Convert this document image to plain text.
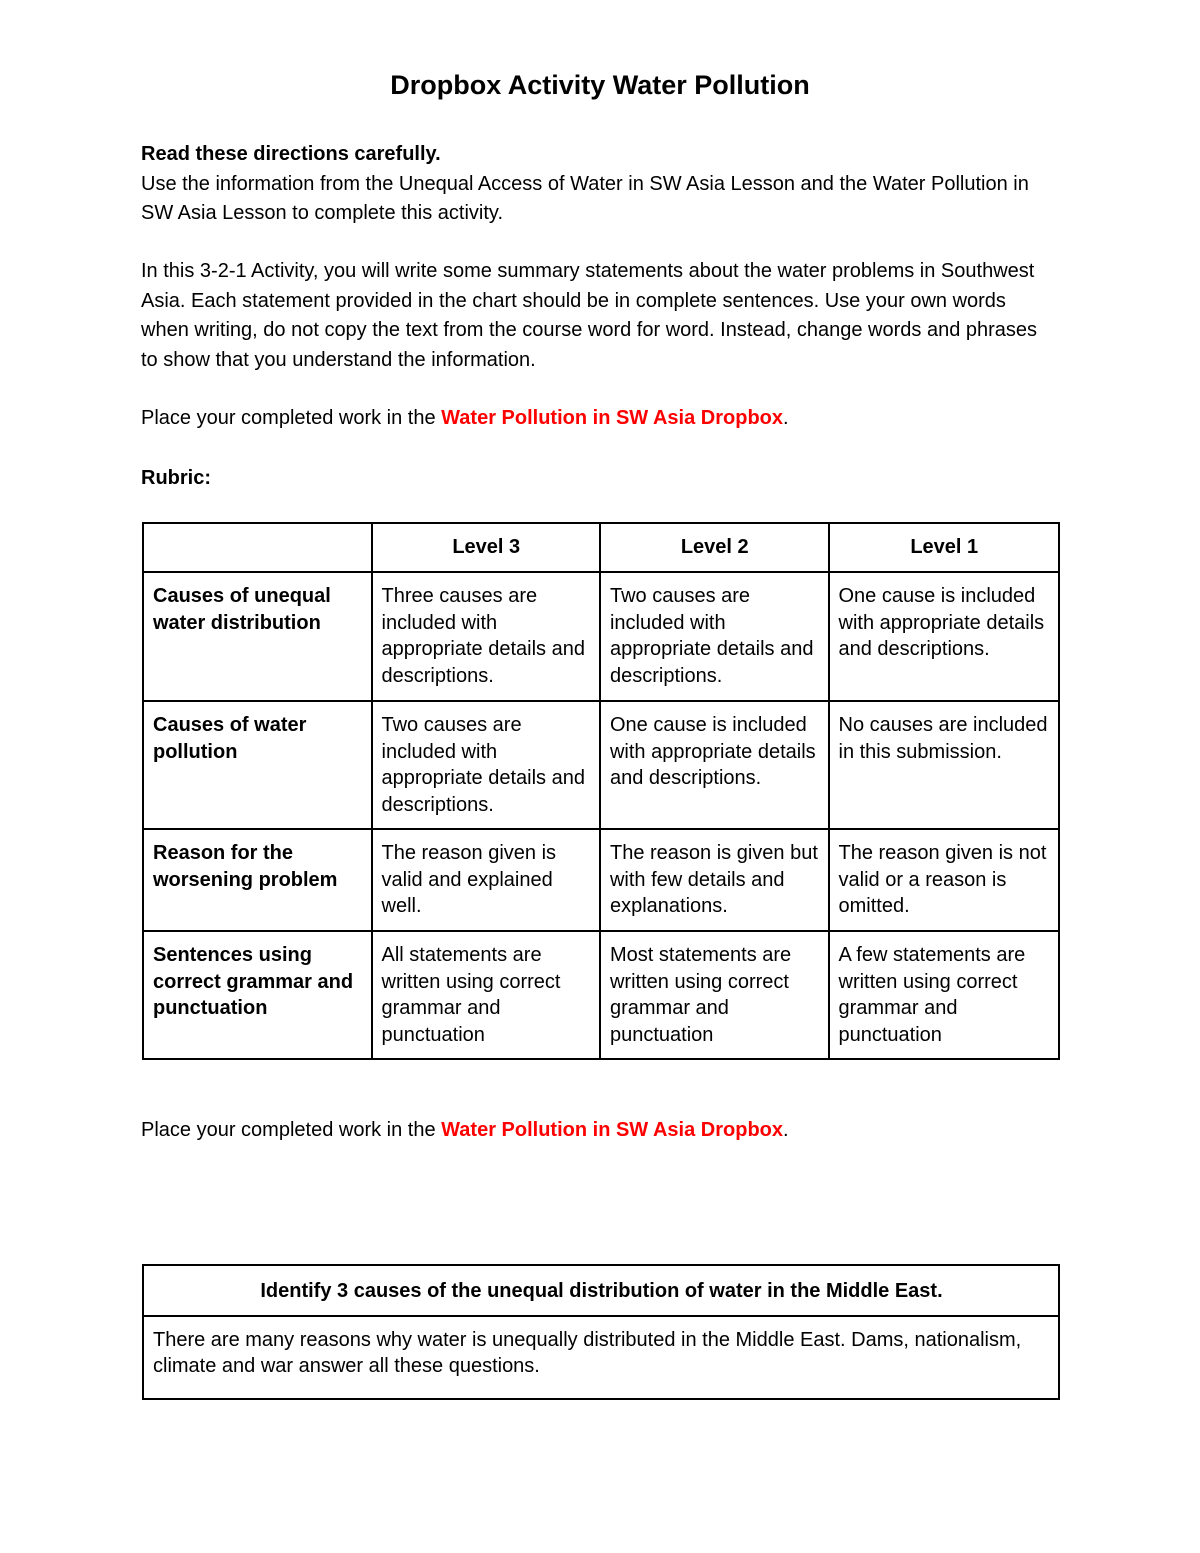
Dropbox Activity Water Pollution

Read these directions carefully.
Use the information from the Unequal Access of Water in SW Asia Lesson and the Water Pollution in SW Asia Lesson to complete this activity.

In this 3-2-1 Activity, you will write some summary statements about the water problems in Southwest Asia. Each statement provided in the chart should be in complete sentences. Use your own words when writing, do not copy the text from the course word for word. Instead, change words and phrases to show that you understand the information.

Place your completed work in the Water Pollution in SW Asia Dropbox.

Rubric:

	Level 3	Level 2	Level 1
Causes of unequal water distribution	Three causes are included with appropriate details and descriptions.	Two causes are included with appropriate details and descriptions.	One cause is included with appropriate details and descriptions.
Causes of water pollution	Two causes are included with appropriate details and descriptions.	One cause is included with appropriate details and descriptions.	No causes are included in this submission.
Reason for the worsening problem	The reason given is valid and explained well.	The reason is given but with few details and explanations.	The reason given is not valid or a reason is omitted.
Sentences using correct grammar and punctuation	All statements are written using correct grammar and punctuation	Most statements are written using correct grammar and punctuation	A few statements are written using correct grammar and punctuation

Place your completed work in the Water Pollution in SW Asia Dropbox.

Identify 3 causes of the unequal distribution of water in the Middle East.
There are many reasons why water is unequally distributed in the Middle East. Dams, nationalism, climate and war answer all these questions.
